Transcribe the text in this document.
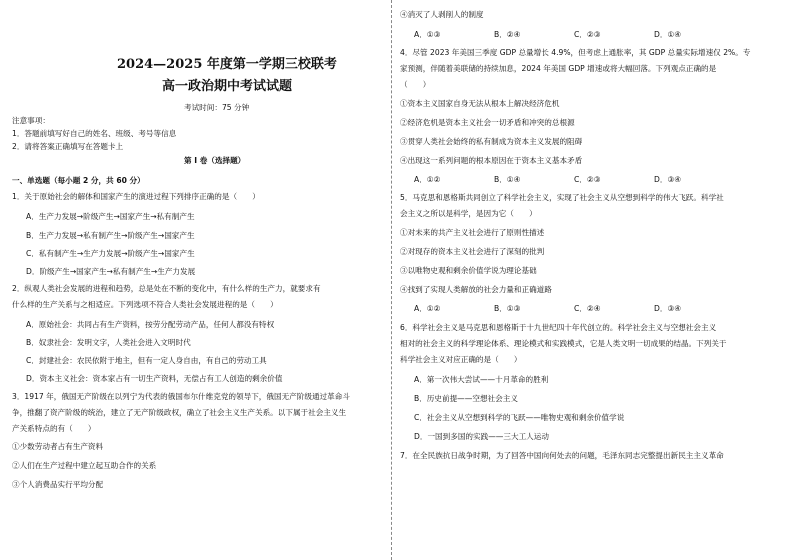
2024—2025 年度第一学期三校联考
高一政治期中考试试题
考试时间：75 分钟
注意事项：
1．答题前填写好自己的姓名、班级、考号等信息
2．请将答案正确填写在答题卡上
第 I 卷（选择题）
一、单选题（每小题 2 分，共 60 分）
1．关于原始社会的解体和国家产生的演进过程下列排序正确的是（　　）
A．生产力发展→阶级产生→国家产生→私有制产生
B．生产力发展→私有制产生→阶级产生→国家产生
C．私有制产生→生产力发展→阶级产生→国家产生
D．阶级产生→国家产生→私有制产生→生产力发展
2．纵观人类社会发展的进程和趋势，总是处在不断的变化中，有什么样的生产力，就要求有
什么样的生产关系与之相适应。下列选项不符合人类社会发展进程的是（　　）
A．原始社会：共同占有生产资料，按劳分配劳动产品，任何人都没有特权
B．奴隶社会：发明文字，人类社会进入文明时代
C．封建社会：农民依附于地主，但有一定人身自由，有自己的劳动工具
D．资本主义社会：资本家占有一切生产资料，无偿占有工人创造的剩余价值
3．1917 年，俄国无产阶级在以列宁为代表的俄国布尔什维克党的领导下，俄国无产阶级通过革命斗
争，推翻了资产阶级的统治，建立了无产阶级政权，确立了社会主义生产关系。以下属于社会主义生
产关系特点的有（　　）
①少数劳动者占有生产资料
②人们在生产过程中建立起互助合作的关系
③个人消费品实行平均分配
④消灭了人剥削人的制度
A．①③	B．②④	C．②③	D．①④
4．尽管 2023 年美国三季度 GDP 总量增长 4.9%，但考虑上通胀率，其 GDP 总量实际增速仅 2%。专
家预测，伴随着美联储的持续加息，2024 年美国 GDP 增速或将大幅回落。下列观点正确的是
（　　）
①资本主义国家自身无法从根本上解决经济危机
②经济危机是资本主义社会一切矛盾和冲突的总根源
③贯穿人类社会始终的私有制成为资本主义发展的阻碍
④出现这一系列问题的根本原因在于资本主义基本矛盾
A．①②	B．①④	C．②③	D．③④
5．马克思和恩格斯共同创立了科学社会主义，实现了社会主义从空想到科学的伟大飞跃。科学社
会主义之所以是科学，是因为它（　　）
①对未来的共产主义社会进行了原则性描述
②对现存的资本主义社会进行了深刻的批判
③以唯物史观和剩余价值学说为理论基础
④找到了实现人类解放的社会力量和正确道路
A．①②	B．①③	C．②④	D．③④
6．科学社会主义是马克思和恩格斯于十九世纪四十年代创立的。科学社会主义与空想社会主义
相对的社会主义的科学理论体系、理论模式和实践模式，它是人类文明一切成果的结晶。下列关于
科学社会主义对应正确的是（　　）
A．第一次伟大尝试——十月革命的胜利
B．历史前提——空想社会主义
C．社会主义从空想到科学的飞跃——唯物史观和剩余价值学说
D．一国到多国的实践——三大工人运动
7．在全民族抗日战争时期，为了回答中国向何处去的问题，毛泽东同志完整提出新民主主义革命
